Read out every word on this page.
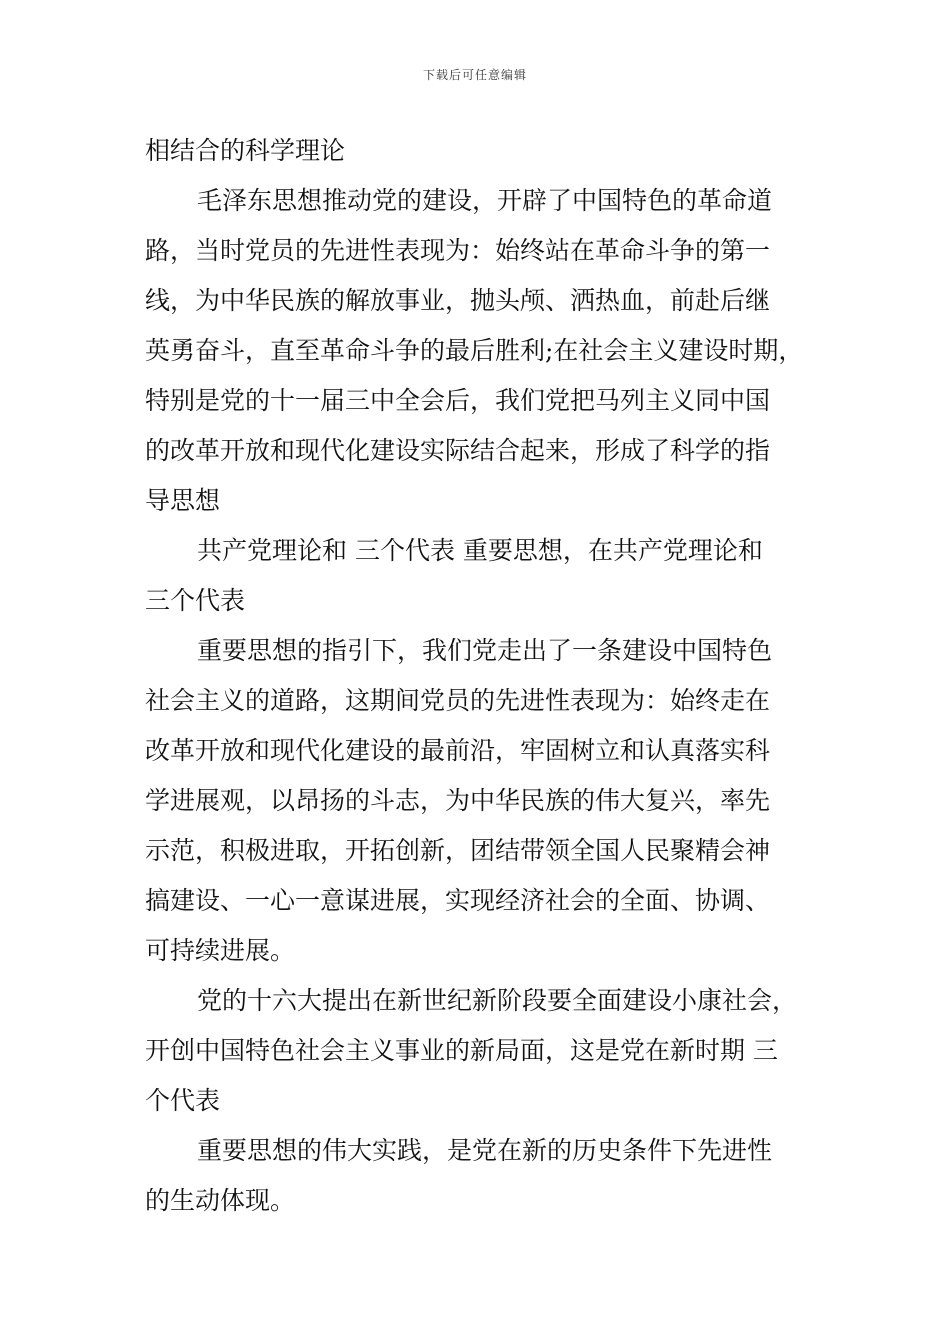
下载后可任意编辑
相结合的科学理论
毛泽东思想推动党的建设，开辟了中国特色的革命道
路，当时党员的先进性表现为：始终站在革命斗争的第一
线，为中华民族的解放事业，抛头颅、洒热血，前赴后继
英勇奋斗，直至革命斗争的最后胜利;在社会主义建设时期，
特别是党的十一届三中全会后，我们党把马列主义同中国
的改革开放和现代化建设实际结合起来，形成了科学的指
导思想
共产党理论和 三个代表 重要思想，在共产党理论和
三个代表
重要思想的指引下，我们党走出了一条建设中国特色
社会主义的道路，这期间党员的先进性表现为：始终走在
改革开放和现代化建设的最前沿，牢固树立和认真落实科
学进展观，以昂扬的斗志，为中华民族的伟大复兴，率先
示范，积极进取，开拓创新，团结带领全国人民聚精会神
搞建设、一心一意谋进展，实现经济社会的全面、协调、
可持续进展。
党的十六大提出在新世纪新阶段要全面建设小康社会，
开创中国特色社会主义事业的新局面，这是党在新时期 三
个代表
重要思想的伟大实践，是党在新的历史条件下先进性
的生动体现。
